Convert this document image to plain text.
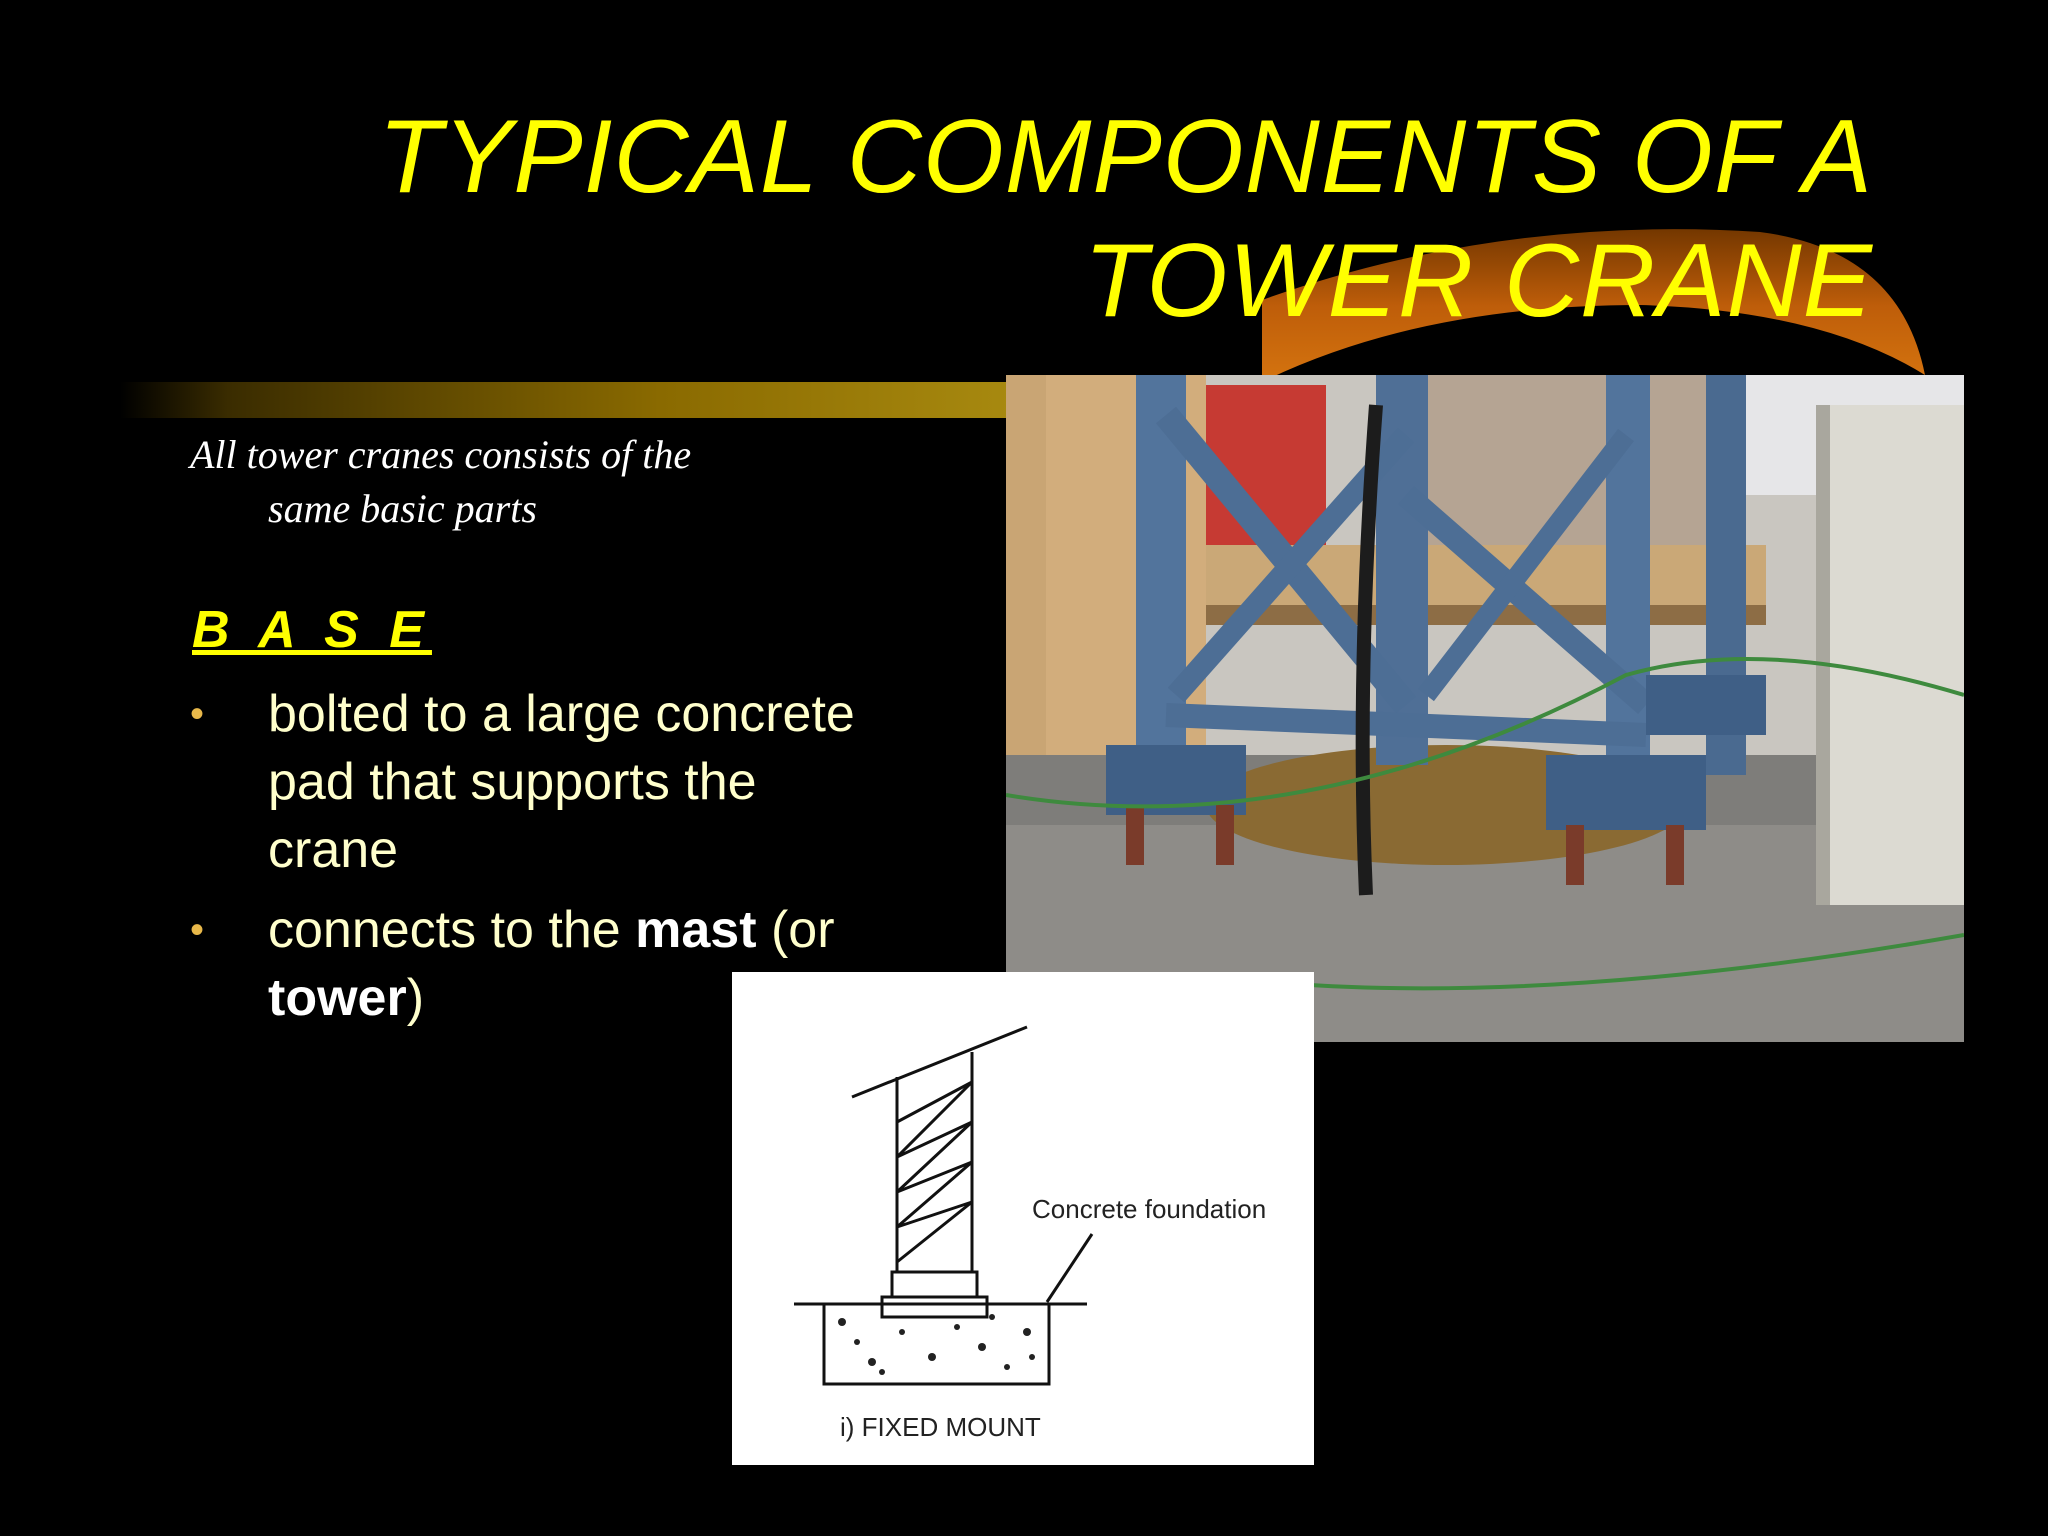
TYPICAL COMPONENTS OF A
TOWER CRANE
All tower cranes consists of the
same basic parts
B A S E
• bolted to a large concrete pad that supports the crane
• connects to the mast (or tower)
Concrete foundation
i) FIXED MOUNT
